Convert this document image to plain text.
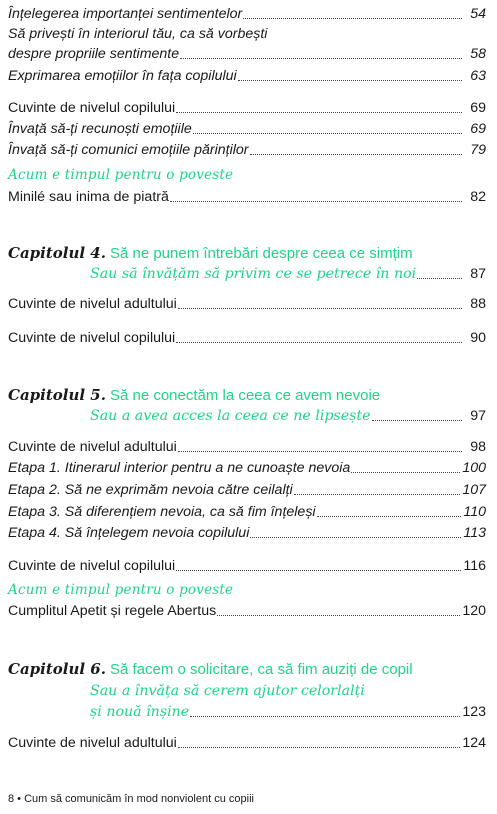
Înțelegerea importanței sentimentelor	54
Să privești în interiorul tău, ca să vorbești
despre propriile sentimente	58
Exprimarea emoțiilor în fața copilului	63
Cuvinte de nivelul copilului	69
Învață să-ți recunoști emoțiile	69
Învață să-ți comunici emoțiile părinților	79
Acum e timpul pentru o poveste
Minilé sau inima de piatră	82
Capitolul 4. Să ne punem întrebări despre ceea ce simțim
Sau să învățăm să privim ce se petrece în noi	87
Cuvinte de nivelul adultului	88
Cuvinte de nivelul copilului	90
Capitolul 5. Să ne conectăm la ceea ce avem nevoie
Sau a avea acces la ceea ce ne lipsește	97
Cuvinte de nivelul adultului	98
Etapa 1. Itinerarul interior pentru a ne cunoaște nevoia	100
Etapa 2. Să ne exprimăm nevoia către ceilalți	107
Etapa 3. Să diferențiem nevoia, ca să fim înțeleși	110
Etapa 4. Să înțelegem nevoia copilului	113
Cuvinte de nivelul copilului	116
Acum e timpul pentru o poveste
Cumplitul Apetit și regele Abertus	120
Capitolul 6. Să facem o solicitare, ca să fim auziți de copil
Sau a învăța să cerem ajutor celorlalți
și nouă înșine	123
Cuvinte de nivelul adultului	124
8 • Cum să comunicăm în mod nonviolent cu copiii
